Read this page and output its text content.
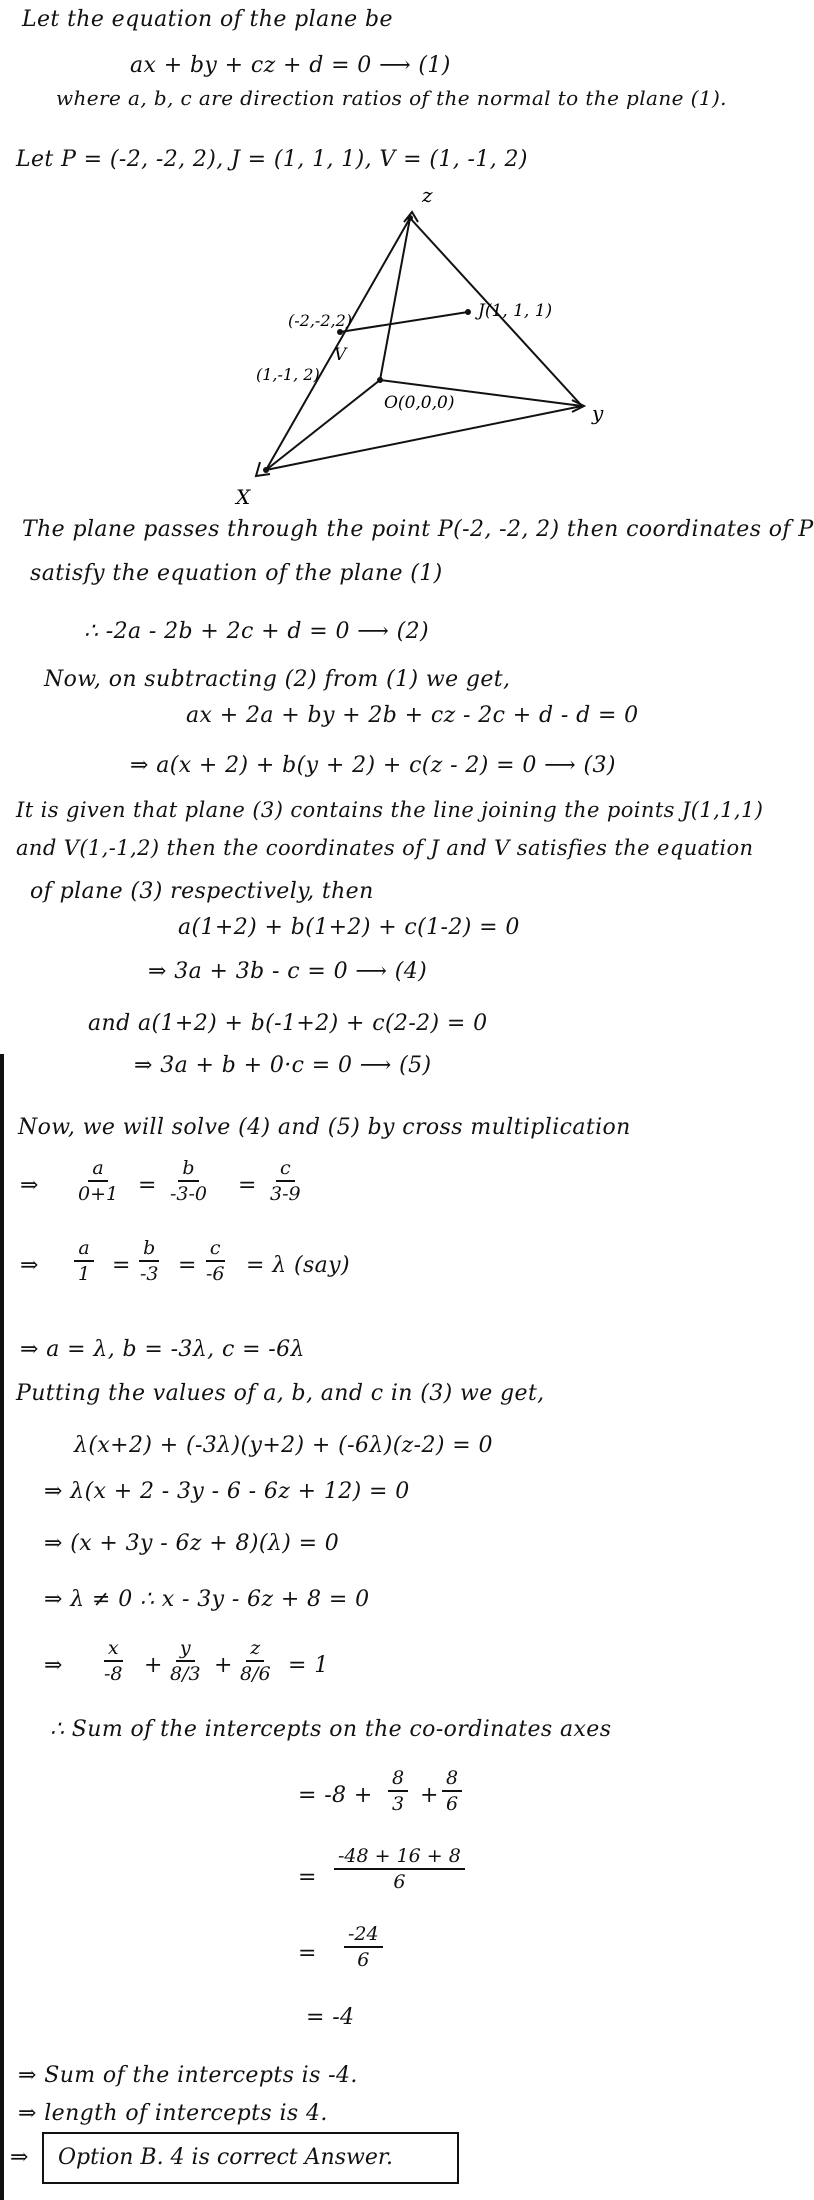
Let the equation of the plane be
ax + by + cz + d = 0 ⟶ (1)
where a, b, c are direction ratios of the normal to the plane (1).
Let P = (-2, -2, 2), J = (1, 1, 1), V = (1, -1, 2)
z
y
X
(-2,-2,2)	J(1, 1, 1)
V
(1,-1, 2)
O(0,0,0)
The plane passes through the point P(-2, -2, 2) then coordinates of P
satisfy the equation of the plane (1)
∴ -2a - 2b + 2c + d = 0 ⟶ (2)
Now, on subtracting (2) from (1) we get,
ax + 2a + by + 2b + cz - 2c + d - d = 0
⇒ a(x + 2) + b(y + 2) + c(z - 2) = 0 ⟶ (3)
It is given that plane (3) contains the line joining the points J(1,1,1)
and V(1,-1,2) then the coordinates of J and V satisfies the equation
of plane (3) respectively, then
a(1+2) + b(1+2) + c(1-2) = 0
⇒ 3a + 3b - c = 0 ⟶ (4)
and a(1+2) + b(-1+2) + c(2-2) = 0
⇒ 3a + b + 0·c = 0 ⟶ (5)
Now, we will solve (4) and (5) by cross multiplication
⇒ $\frac{a}{0+1} = \frac{b}{-3-0} = \frac{c}{3-9}$
⇒ $\frac{a}{1} = \frac{b}{-3} = \frac{c}{-6} = \lambda$ (say)
⇒ a = λ, b = -3λ, c = -6λ
Putting the values of a, b, and c in (3) we get,
λ(x+2) + (-3λ)(y+2) + (-6λ)(z-2) = 0
⇒ λ(x + 2 - 3y - 6 - 6z + 12) = 0
⇒ (x + 3y - 6z + 8)(λ) = 0
⇒ λ ≠ 0 ∴ x - 3y - 6z + 8 = 0
⇒ $\frac{x}{-8} + \frac{y}{8/3} + \frac{z}{8/6} = 1$
∴ Sum of the intercepts on the co-ordinates axes
= $-8 + \frac{8}{3} + \frac{8}{6}$
= $\frac{-48 + 16 + 8}{6}$
= $\frac{-24}{6}$
= -4
⇒ Sum of the intercepts is -4.
⇒ length of intercepts is 4.
⇒ Option B. 4 is correct Answer.
